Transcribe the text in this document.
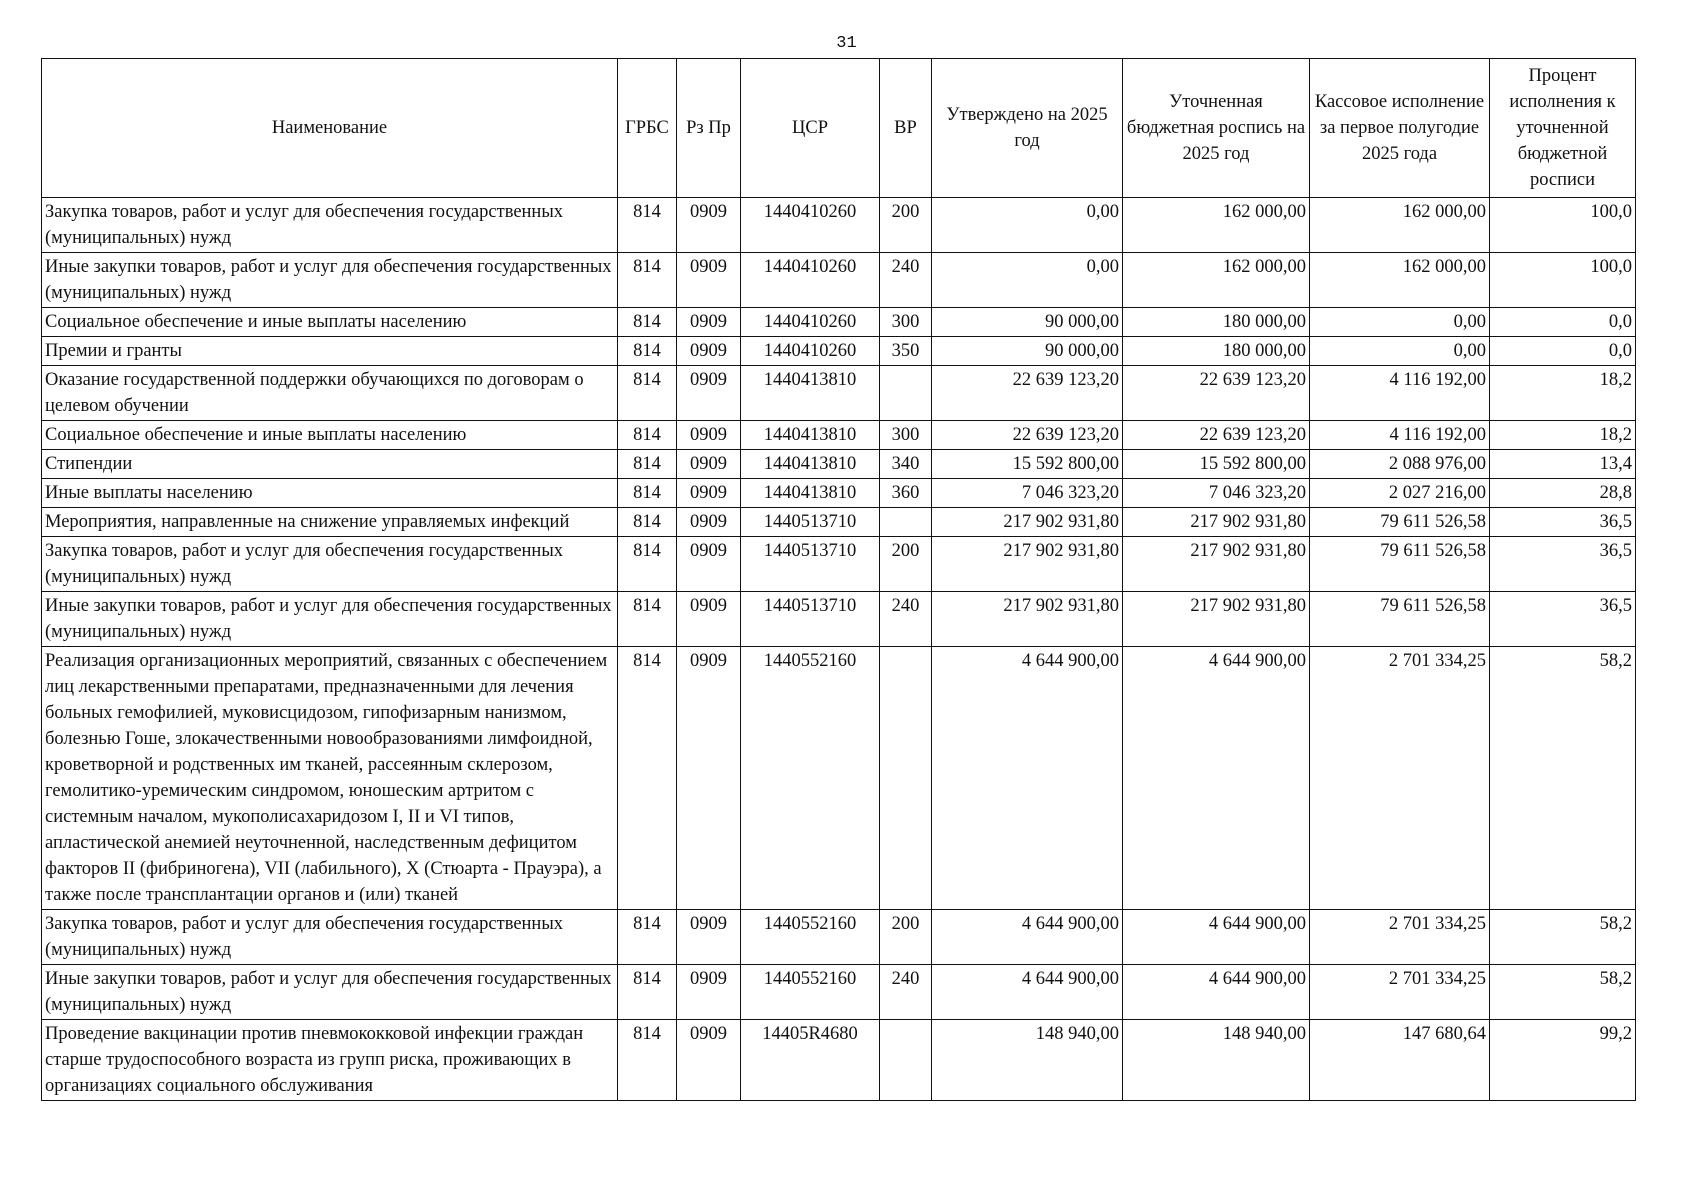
31
Наименование	ГРБС	Рз Пр	ЦСР	ВР	Утверждено на 2025 год	Уточненная бюджетная роспись на 2025 год	Кассовое исполнение за первое полугодие 2025 года	Процент исполнения к уточненной бюджетной росписи
Закупка товаров, работ и услуг для обеспечения государственных (муниципальных) нужд	814	0909	1440410260	200	0,00	162 000,00	162 000,00	100,0
Иные закупки товаров, работ и услуг для обеспечения государственных (муниципальных) нужд	814	0909	1440410260	240	0,00	162 000,00	162 000,00	100,0
Социальное обеспечение и иные выплаты населению	814	0909	1440410260	300	90 000,00	180 000,00	0,00	0,0
Премии и гранты	814	0909	1440410260	350	90 000,00	180 000,00	0,00	0,0
Оказание государственной поддержки обучающихся по договорам о целевом обучении	814	0909	1440413810		22 639 123,20	22 639 123,20	4 116 192,00	18,2
Социальное обеспечение и иные выплаты населению	814	0909	1440413810	300	22 639 123,20	22 639 123,20	4 116 192,00	18,2
Стипендии	814	0909	1440413810	340	15 592 800,00	15 592 800,00	2 088 976,00	13,4
Иные выплаты населению	814	0909	1440413810	360	7 046 323,20	7 046 323,20	2 027 216,00	28,8
Мероприятия, направленные на снижение управляемых инфекций	814	0909	1440513710		217 902 931,80	217 902 931,80	79 611 526,58	36,5
Закупка товаров, работ и услуг для обеспечения государственных (муниципальных) нужд	814	0909	1440513710	200	217 902 931,80	217 902 931,80	79 611 526,58	36,5
Иные закупки товаров, работ и услуг для обеспечения государственных (муниципальных) нужд	814	0909	1440513710	240	217 902 931,80	217 902 931,80	79 611 526,58	36,5
Реализация организационных мероприятий, связанных с обеспечением лиц лекарственными препаратами, предназначенными для лечения больных гемофилией, муковисцидозом, гипофизарным нанизмом, болезнью Гоше, злокачественными новообразованиями лимфоидной, кроветворной и родственных им тканей, рассеянным склерозом, гемолитико-уремическим синдромом, юношеским артритом с системным началом, мукополисахаридозом I, II и VI типов, апластической анемией неуточненной, наследственным дефицитом факторов II (фибриногена), VII (лабильного), X (Стюарта - Прауэра), а также после трансплантации органов и (или) тканей	814	0909	1440552160		4 644 900,00	4 644 900,00	2 701 334,25	58,2
Закупка товаров, работ и услуг для обеспечения государственных (муниципальных) нужд	814	0909	1440552160	200	4 644 900,00	4 644 900,00	2 701 334,25	58,2
Иные закупки товаров, работ и услуг для обеспечения государственных (муниципальных) нужд	814	0909	1440552160	240	4 644 900,00	4 644 900,00	2 701 334,25	58,2
Проведение вакцинации против пневмококковой инфекции граждан старше трудоспособного возраста из групп риска, проживающих в организациях социального обслуживания	814	0909	14405R4680		148 940,00	148 940,00	147 680,64	99,2
